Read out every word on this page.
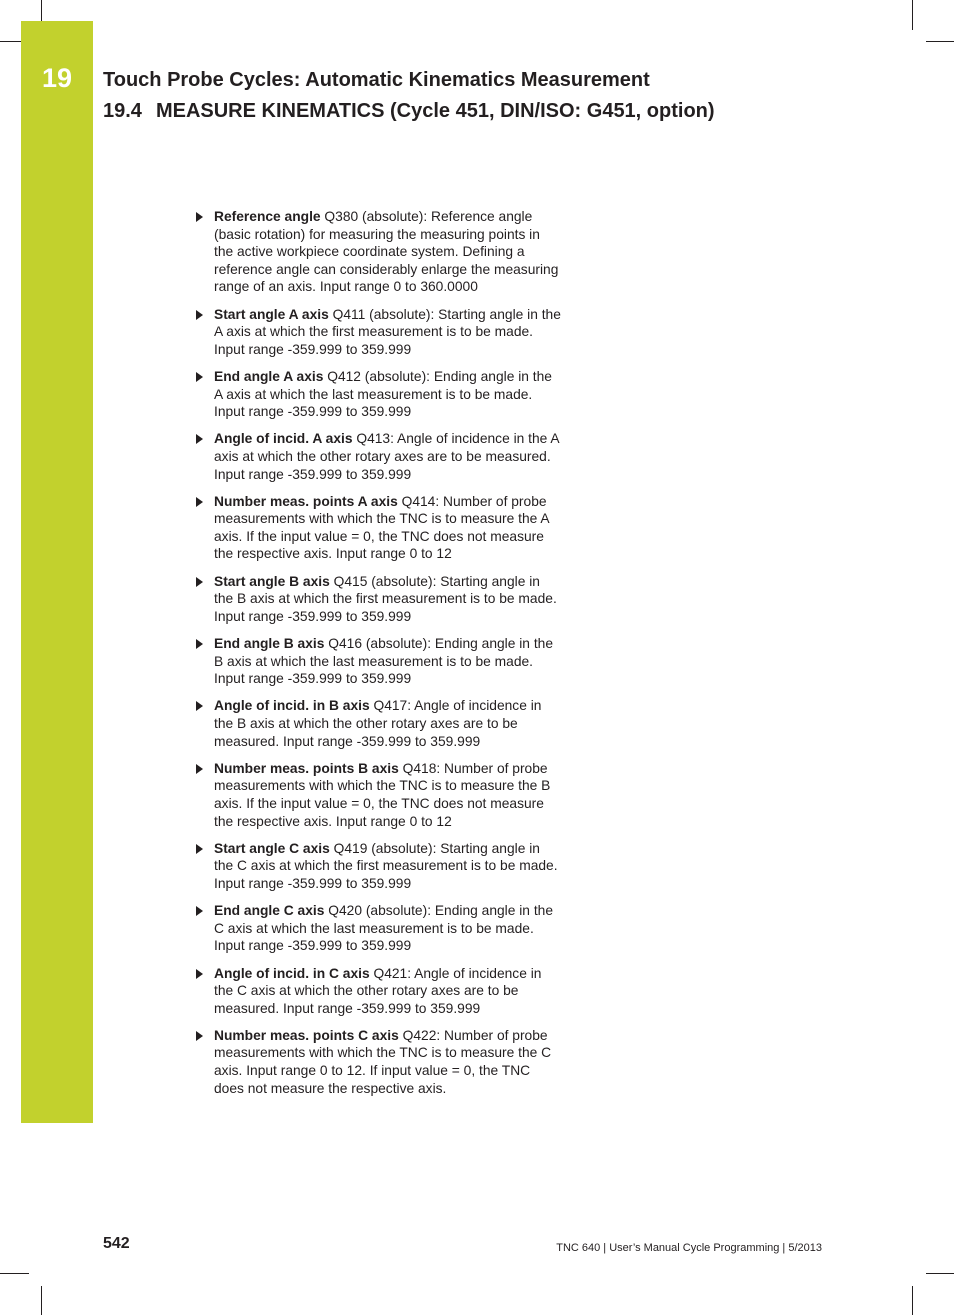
19	Touch Probe Cycles: Automatic Kinematics Measurement
19.4 MEASURE KINEMATICS (Cycle 451, DIN/ISO: G451, option)
Reference angle Q380 (absolute): Reference angle (basic rotation) for measuring the measuring points in the active workpiece coordinate system. Defining a reference angle can considerably enlarge the measuring range of an axis. Input range 0 to 360.0000
Start angle A axis Q411 (absolute): Starting angle in the A axis at which the first measurement is to be made. Input range -359.999 to 359.999
End angle A axis Q412 (absolute): Ending angle in the A axis at which the last measurement is to be made. Input range -359.999 to 359.999
Angle of incid. A axis Q413: Angle of incidence in the A axis at which the other rotary axes are to be measured. Input range -359.999 to 359.999
Number meas. points A axis Q414: Number of probe measurements with which the TNC is to measure the A axis. If the input value = 0, the TNC does not measure the respective axis. Input range 0 to 12
Start angle B axis Q415 (absolute): Starting angle in the B axis at which the first measurement is to be made. Input range -359.999 to 359.999
End angle B axis Q416 (absolute): Ending angle in the B axis at which the last measurement is to be made. Input range -359.999 to 359.999
Angle of incid. in B axis Q417: Angle of incidence in the B axis at which the other rotary axes are to be measured. Input range -359.999 to 359.999
Number meas. points B axis Q418: Number of probe measurements with which the TNC is to measure the B axis. If the input value = 0, the TNC does not measure the respective axis. Input range 0 to 12
Start angle C axis Q419 (absolute): Starting angle in the C axis at which the first measurement is to be made. Input range -359.999 to 359.999
End angle C axis Q420 (absolute): Ending angle in the C axis at which the last measurement is to be made. Input range -359.999 to 359.999
Angle of incid. in C axis Q421: Angle of incidence in the C axis at which the other rotary axes are to be measured. Input range -359.999 to 359.999
Number meas. points C axis Q422: Number of probe measurements with which the TNC is to measure the C axis. Input range 0 to 12. If input value = 0, the TNC does not measure the respective axis.
542	TNC 640 | User’s Manual Cycle Programming | 5/2013
